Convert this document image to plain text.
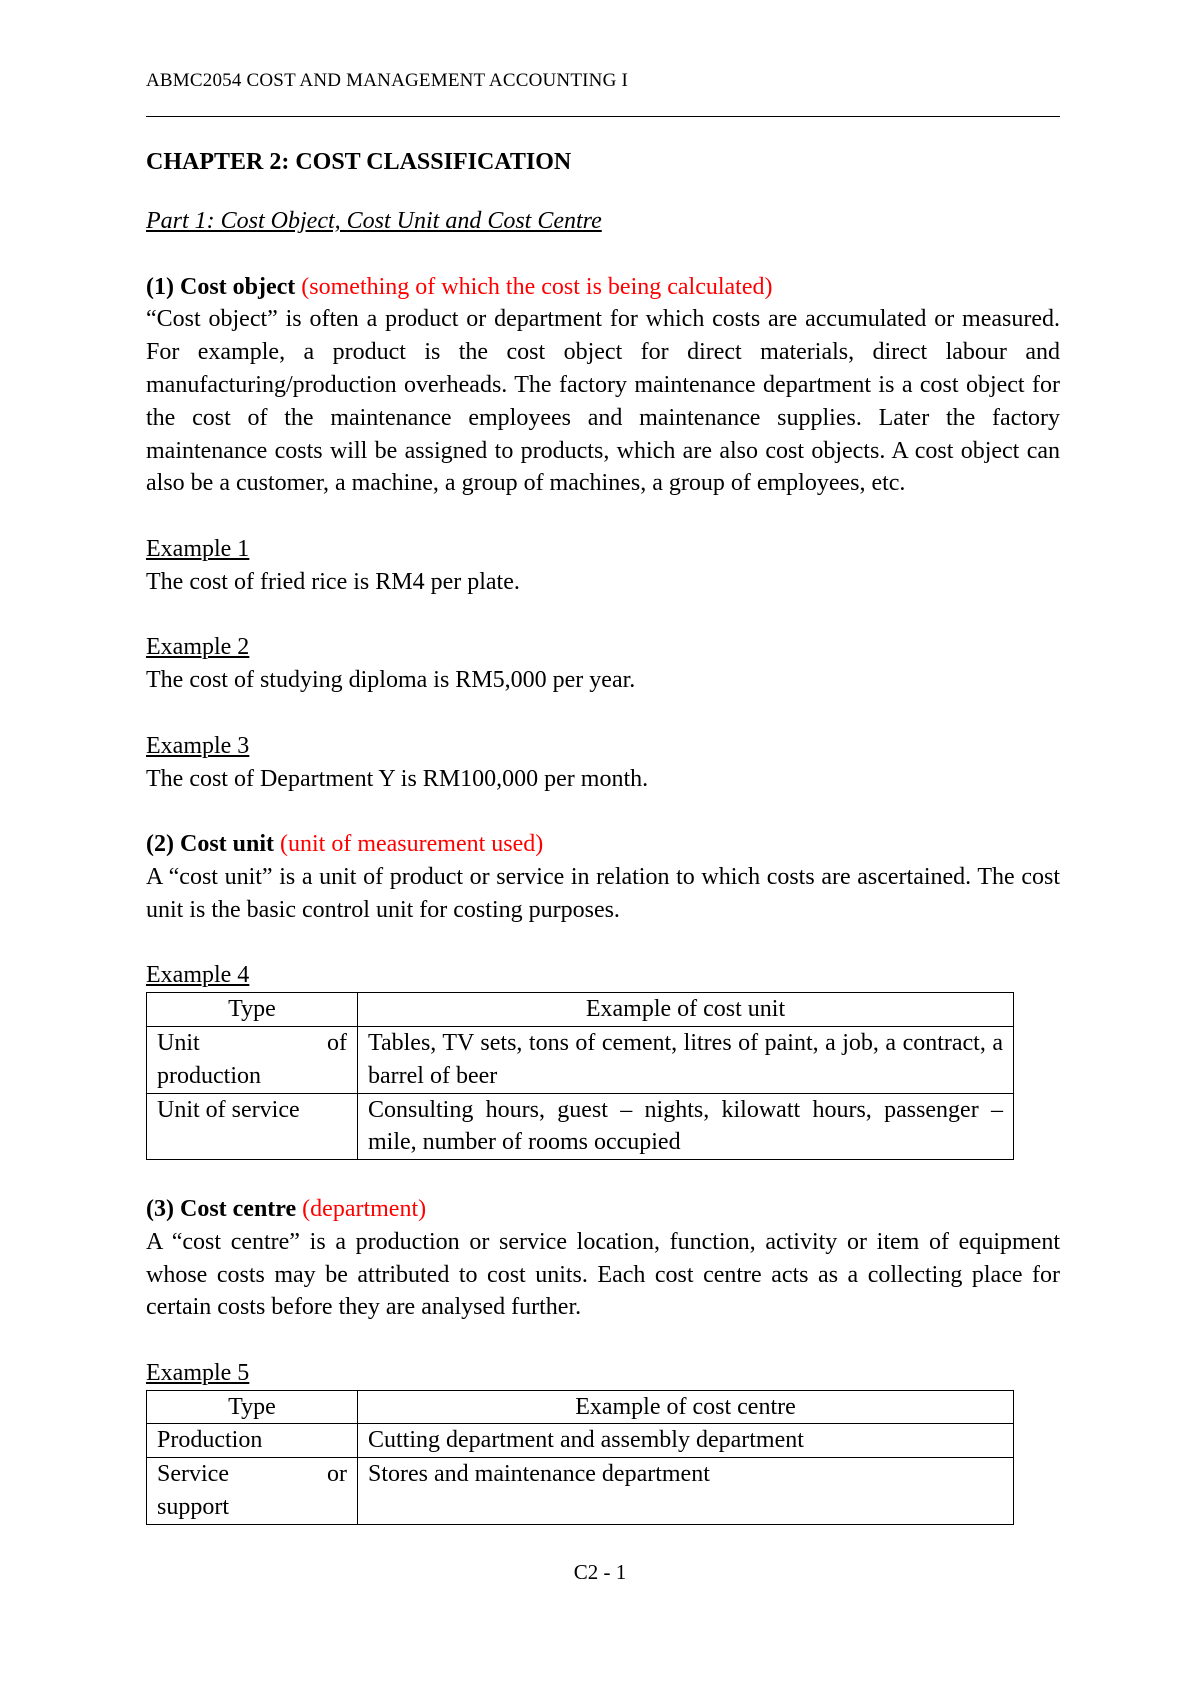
ABMC2054 COST AND MANAGEMENT ACCOUNTING I

CHAPTER 2: COST CLASSIFICATION

Part 1: Cost Object, Cost Unit and Cost Centre

(1) Cost object (something of which the cost is being calculated)

“Cost object” is often a product or department for which costs are accumulated or measured. For example, a product is the cost object for direct materials, direct labour and manufacturing/production overheads. The factory maintenance department is a cost object for the cost of the maintenance employees and maintenance supplies. Later the factory maintenance costs will be assigned to products, which are also cost objects. A cost object can also be a customer, a machine, a group of machines, a group of employees, etc.

Example 1

The cost of fried rice is RM4 per plate.

Example 2

The cost of studying diploma is RM5,000 per year.

Example 3

The cost of Department Y is RM100,000 per month.

(2) Cost unit (unit of measurement used)

A “cost unit” is a unit of product or service in relation to which costs are ascertained. The cost unit is the basic control unit for costing purposes.

Example 4

Type	Example of cost unit

Unit of
production	Tables, TV sets, tons of cement, litres of paint, a job, a contract, a barrel of beer
Unit of service	Consulting hours, guest – nights, kilowatt hours, passenger – mile, number of rooms occupied

(3) Cost centre (department)

A “cost centre” is a production or service location, function, activity or item of equipment whose costs may be attributed to cost units. Each cost centre acts as a collecting place for certain costs before they are analysed further.

Example 5

Type	Example of cost centre
Production	Cutting department and assembly department

Service or
support	Stores and maintenance department
C2 - 1
